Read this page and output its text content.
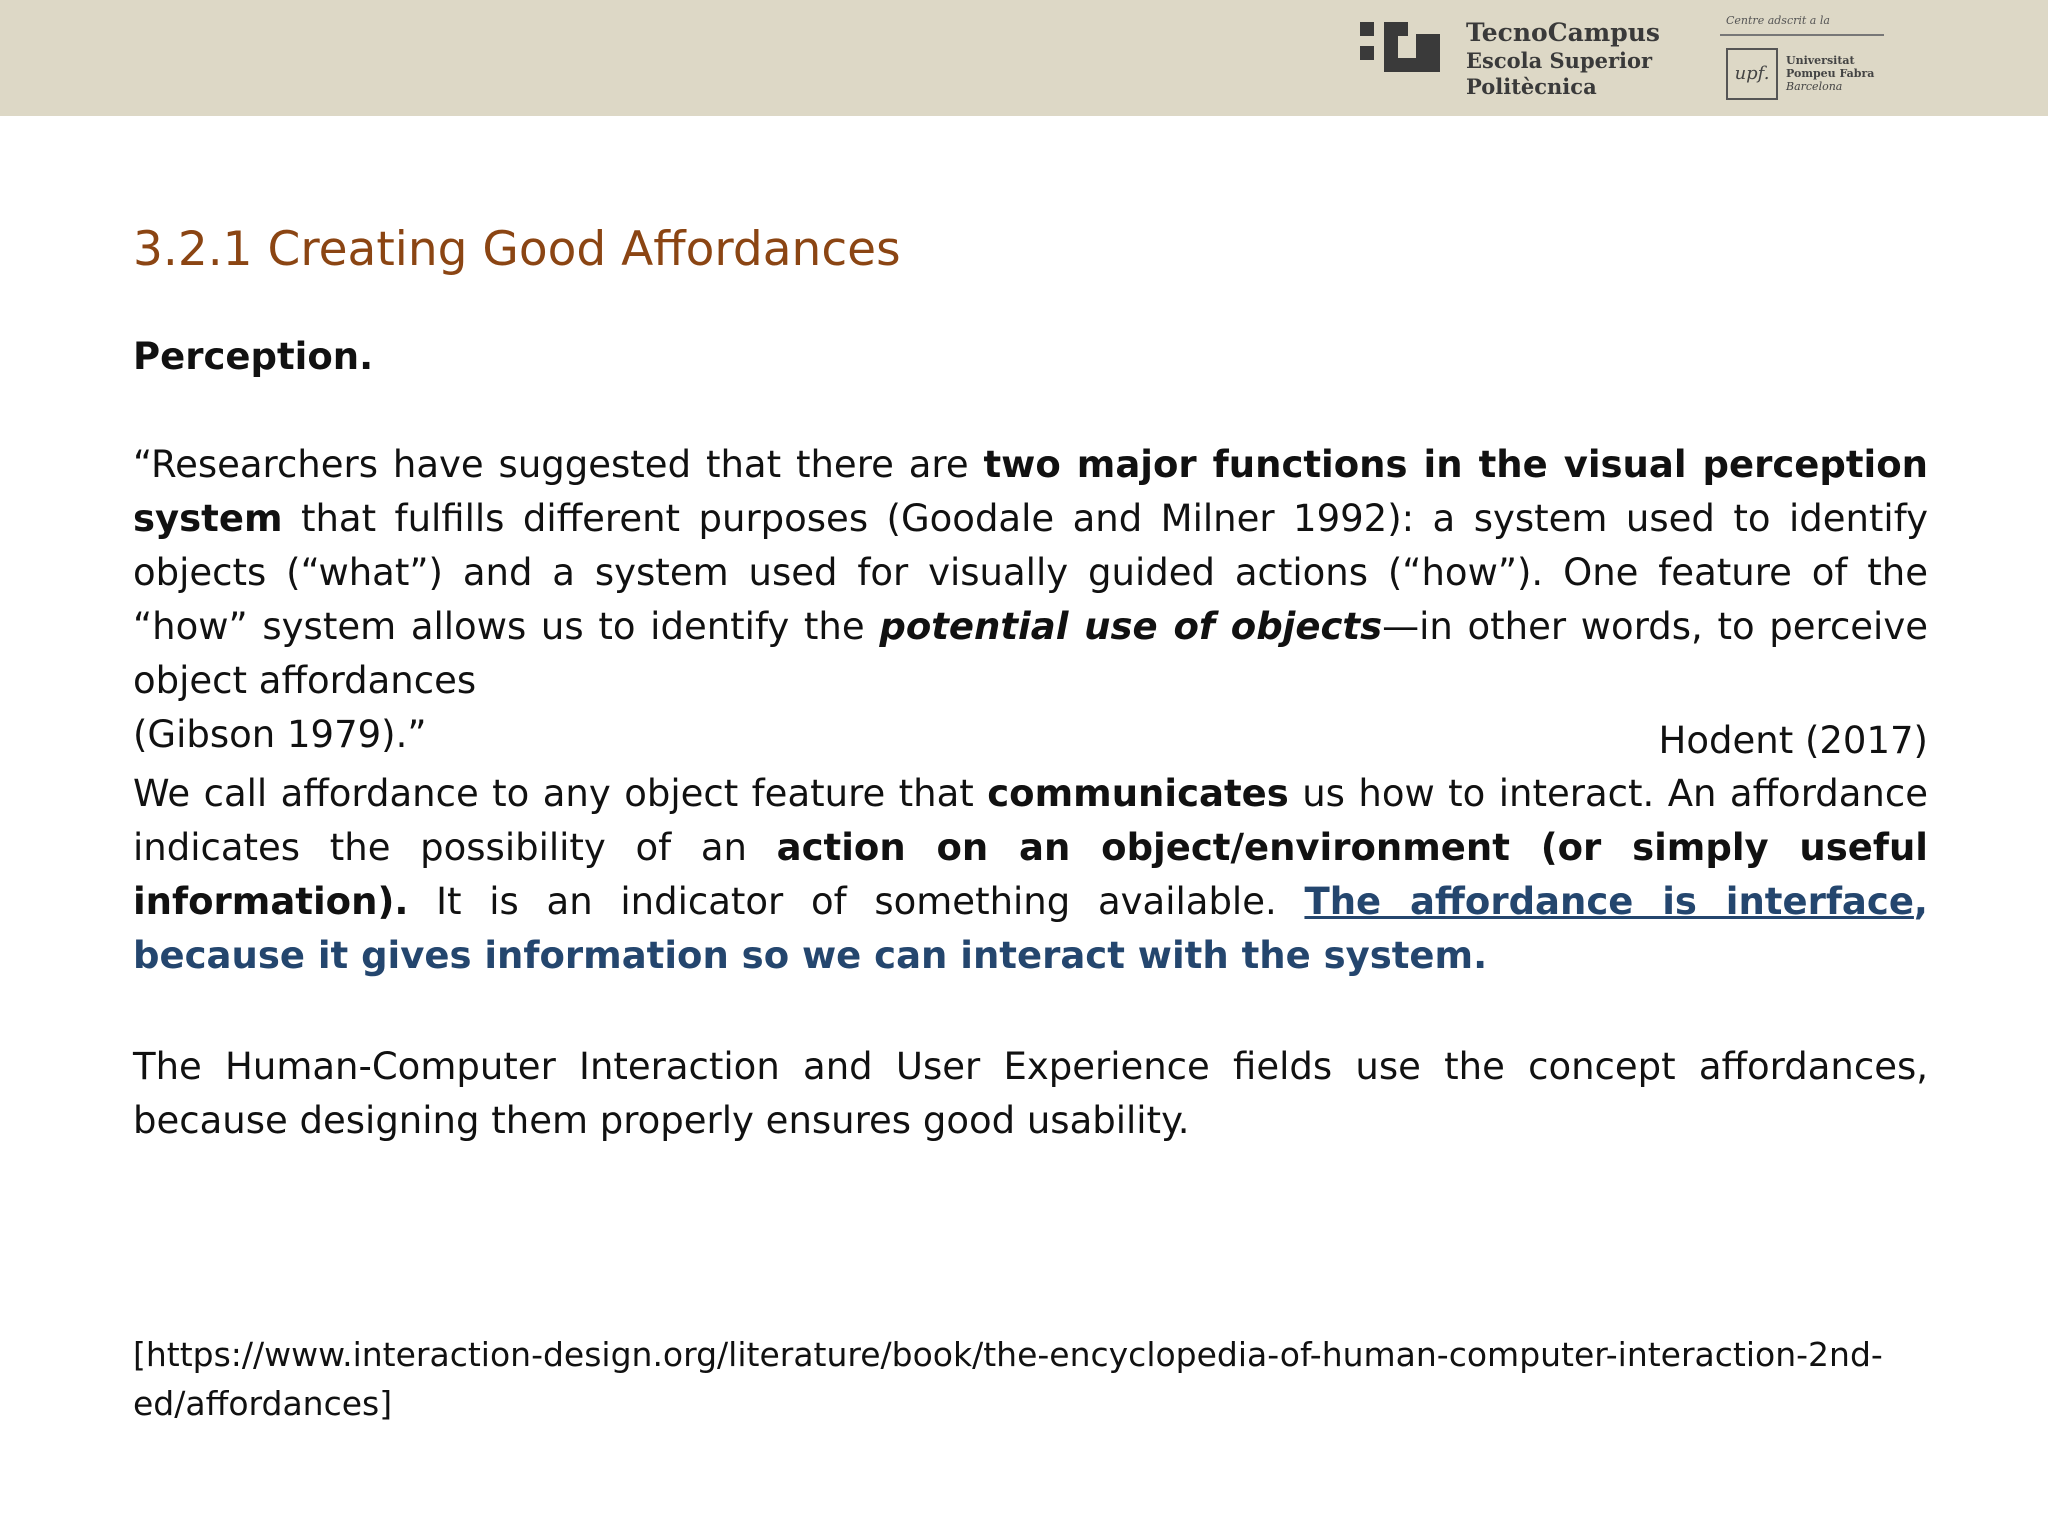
TecnoCampus
Escola Superior
Politècnica
Centre adscrit a la
upf.
Universitat
Pompeu Fabra
Barcelona
3.2.1 Creating Good Affordances
Perception.
“Researchers have suggested that there are two major functions in the visual perception system that fulfills different purposes (Goodale and Milner 1992): a system used to identify objects (“what”) and a system used for visually guided actions (“how”). One feature of the “how” system allows us to identify the potential use of objects—in other words, to perceive object affordances
(Gibson 1979).”	Hodent (2017)
We call affordance to any object feature that communicates us how to interact. An affordance indicates the possibility of an action on an object/environment (or simply useful information). It is an indicator of something available. The affordance is interface, because it gives information so we can interact with the system.
The Human-Computer Interaction and User Experience fields use the concept affordances, because designing them properly ensures good usability.
[https://www.interaction-design.org/literature/book/the-encyclopedia-of-human-computer-interaction-2nd-ed/affordances]
